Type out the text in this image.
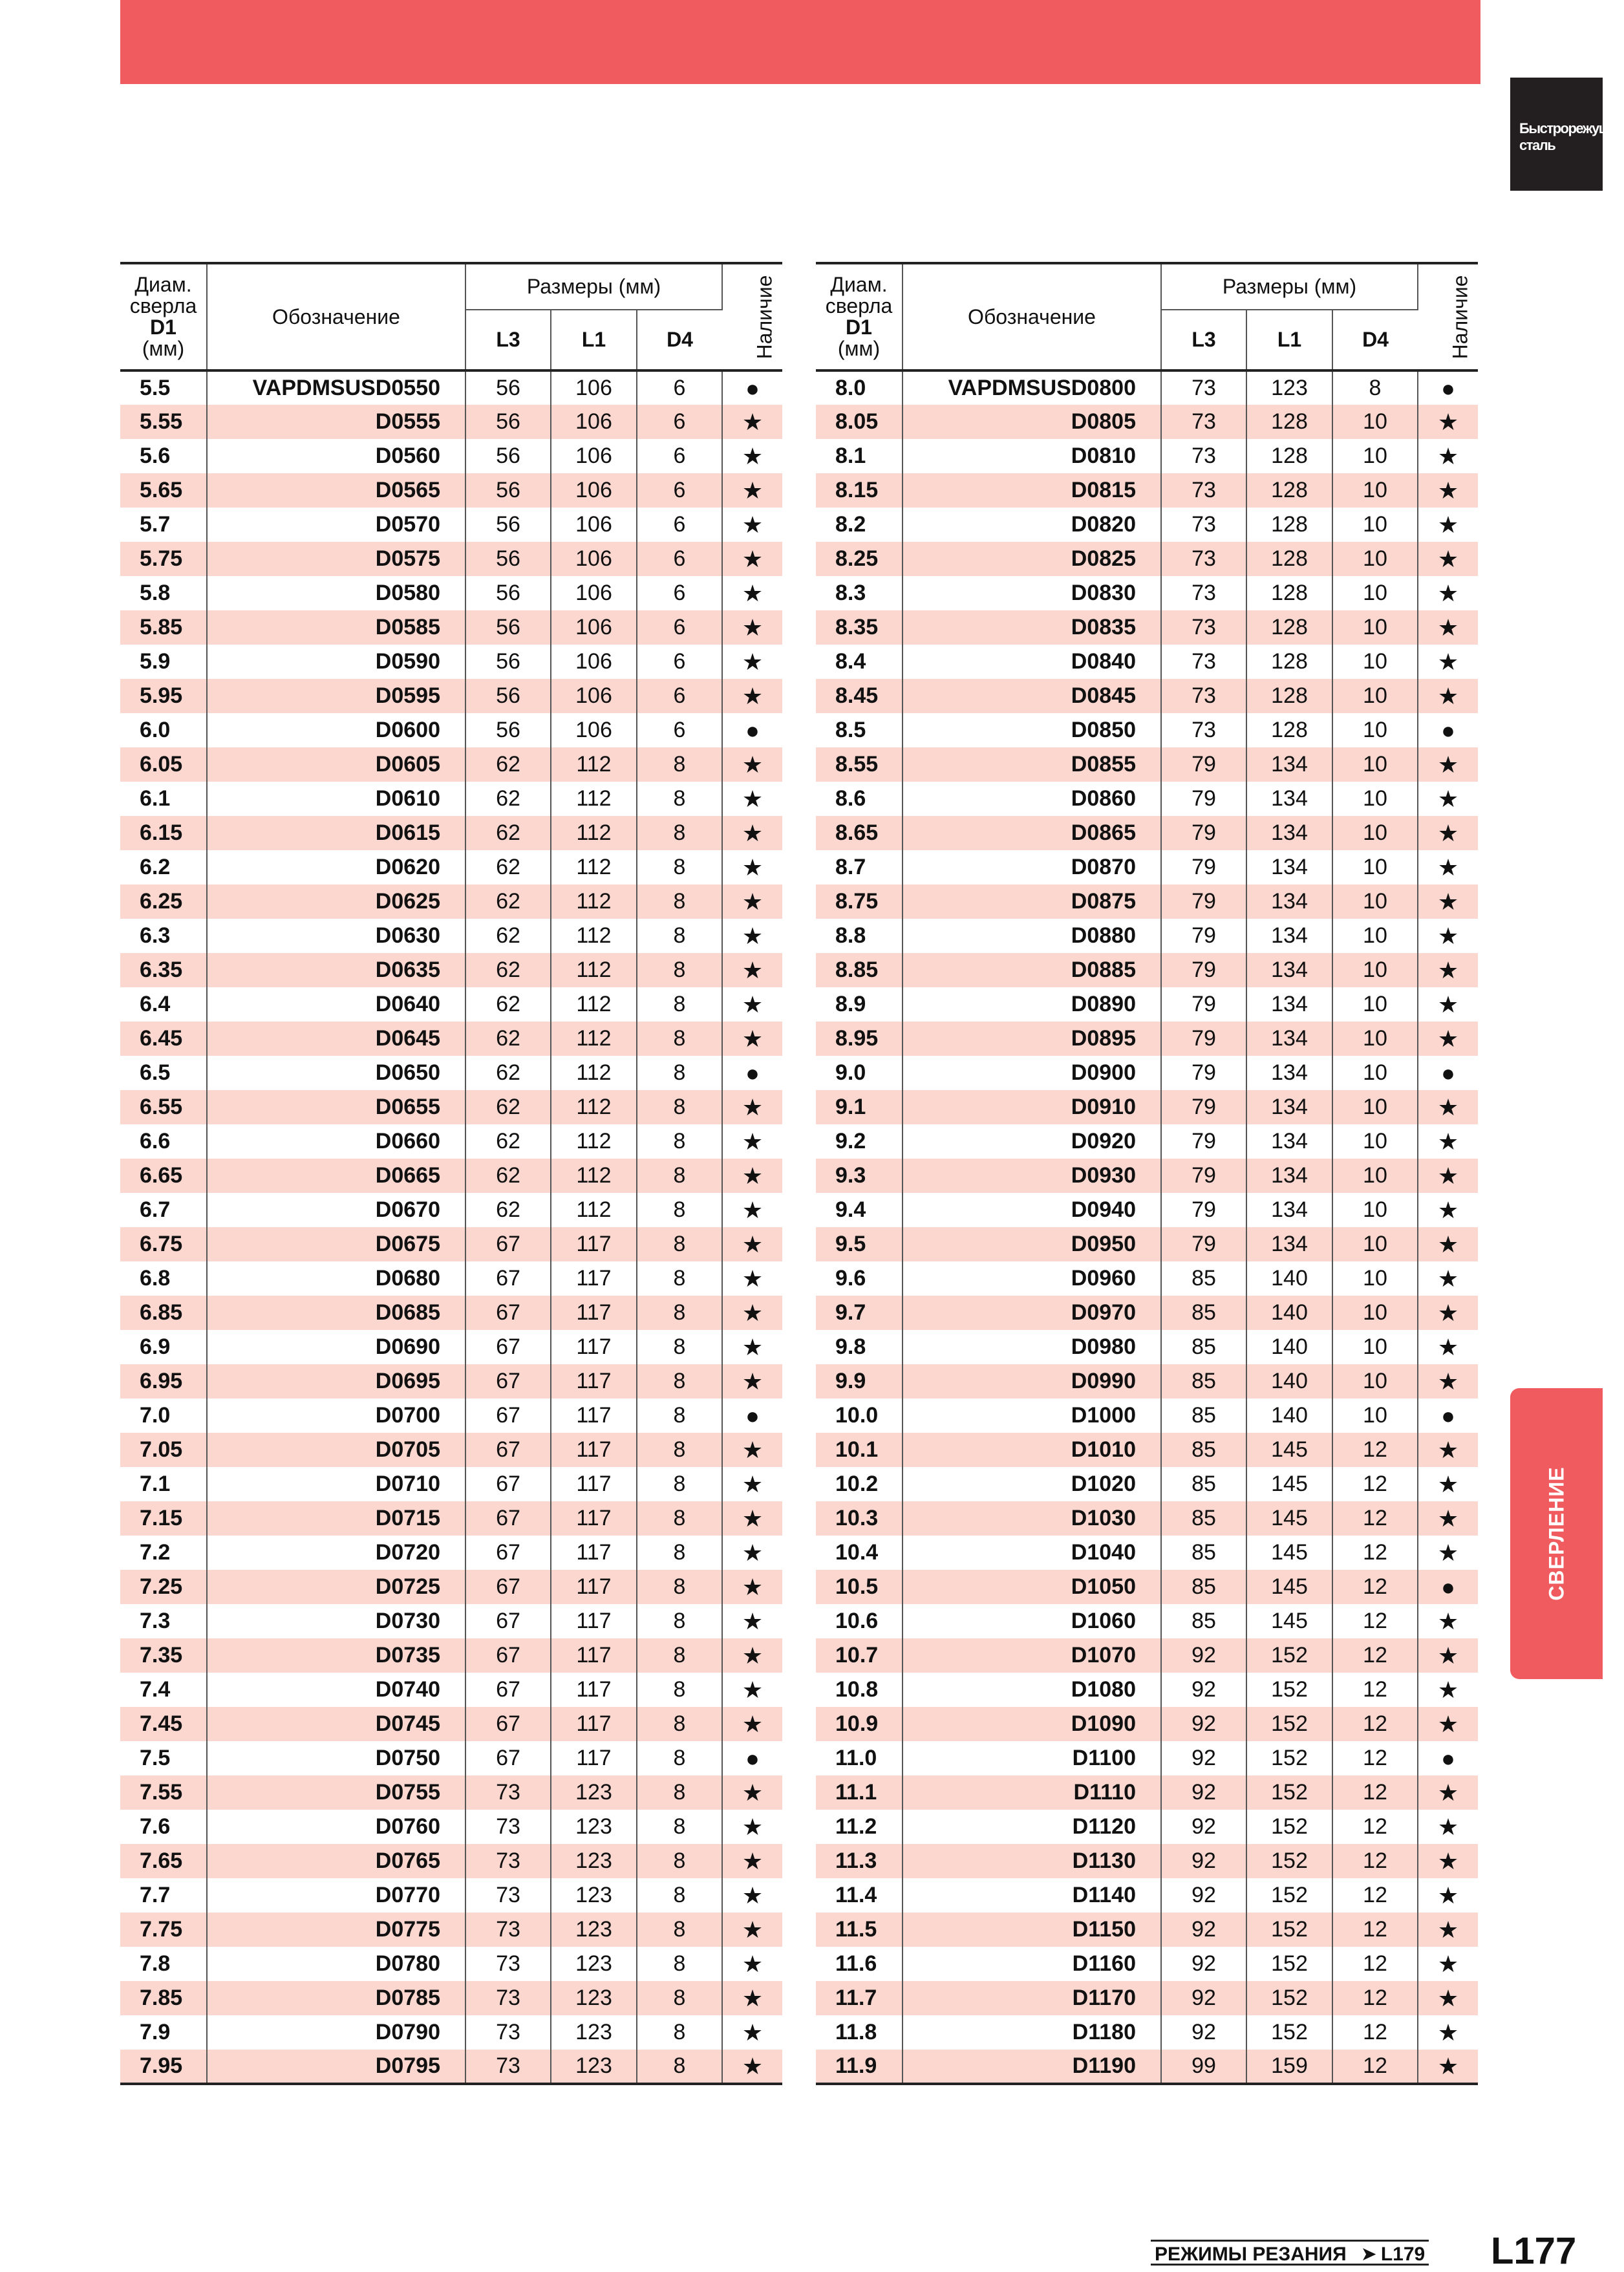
Быстрорежущая сталь
СВЕРЛЕНИЕ
Диам.
сверла
D1
(мм)	Обозначение	Размеры (мм)			Наличие
		L3	L1	D4	
5.5	VAPDMSUSD0550	56	106	6	●
5.55	D0555	56	106	6	★
5.6	D0560	56	106	6	★
5.65	D0565	56	106	6	★
5.7	D0570	56	106	6	★
5.75	D0575	56	106	6	★
5.8	D0580	56	106	6	★
5.85	D0585	56	106	6	★
5.9	D0590	56	106	6	★
5.95	D0595	56	106	6	★
6.0	D0600	56	106	6	●
6.05	D0605	62	112	8	★
6.1	D0610	62	112	8	★
6.15	D0615	62	112	8	★
6.2	D0620	62	112	8	★
6.25	D0625	62	112	8	★
6.3	D0630	62	112	8	★
6.35	D0635	62	112	8	★
6.4	D0640	62	112	8	★
6.45	D0645	62	112	8	★
6.5	D0650	62	112	8	●
6.55	D0655	62	112	8	★
6.6	D0660	62	112	8	★
6.65	D0665	62	112	8	★
6.7	D0670	62	112	8	★
6.75	D0675	67	117	8	★
6.8	D0680	67	117	8	★
6.85	D0685	67	117	8	★
6.9	D0690	67	117	8	★
6.95	D0695	67	117	8	★
7.0	D0700	67	117	8	●
7.05	D0705	67	117	8	★
7.1	D0710	67	117	8	★
7.15	D0715	67	117	8	★
7.2	D0720	67	117	8	★
7.25	D0725	67	117	8	★
7.3	D0730	67	117	8	★
7.35	D0735	67	117	8	★
7.4	D0740	67	117	8	★
7.45	D0745	67	117	8	★
7.5	D0750	67	117	8	●
7.55	D0755	73	123	8	★
7.6	D0760	73	123	8	★
7.65	D0765	73	123	8	★
7.7	D0770	73	123	8	★
7.75	D0775	73	123	8	★
7.8	D0780	73	123	8	★
7.85	D0785	73	123	8	★
7.9	D0790	73	123	8	★
7.95	D0795	73	123	8	★
Диам.
сверла
D1
(мм)	Обозначение	Размеры (мм)			Наличие
		L3	L1	D4	
8.0	VAPDMSUSD0800	73	123	8	●
8.05	D0805	73	128	10	★
8.1	D0810	73	128	10	★
8.15	D0815	73	128	10	★
8.2	D0820	73	128	10	★
8.25	D0825	73	128	10	★
8.3	D0830	73	128	10	★
8.35	D0835	73	128	10	★
8.4	D0840	73	128	10	★
8.45	D0845	73	128	10	★
8.5	D0850	73	128	10	●
8.55	D0855	79	134	10	★
8.6	D0860	79	134	10	★
8.65	D0865	79	134	10	★
8.7	D0870	79	134	10	★
8.75	D0875	79	134	10	★
8.8	D0880	79	134	10	★
8.85	D0885	79	134	10	★
8.9	D0890	79	134	10	★
8.95	D0895	79	134	10	★
9.0	D0900	79	134	10	●
9.1	D0910	79	134	10	★
9.2	D0920	79	134	10	★
9.3	D0930	79	134	10	★
9.4	D0940	79	134	10	★
9.5	D0950	79	134	10	★
9.6	D0960	85	140	10	★
9.7	D0970	85	140	10	★
9.8	D0980	85	140	10	★
9.9	D0990	85	140	10	★
10.0	D1000	85	140	10	●
10.1	D1010	85	145	12	★
10.2	D1020	85	145	12	★
10.3	D1030	85	145	12	★
10.4	D1040	85	145	12	★
10.5	D1050	85	145	12	●
10.6	D1060	85	145	12	★
10.7	D1070	92	152	12	★
10.8	D1080	92	152	12	★
10.9	D1090	92	152	12	★
11.0	D1100	92	152	12	●
11.1	D1110	92	152	12	★
11.2	D1120	92	152	12	★
11.3	D1130	92	152	12	★
11.4	D1140	92	152	12	★
11.5	D1150	92	152	12	★
11.6	D1160	92	152	12	★
11.7	D1170	92	152	12	★
11.8	D1180	92	152	12	★
11.9	D1190	99	159	12	★
РЕЖИМЫ РЕЗАНИЯ ➤ L179 L177
